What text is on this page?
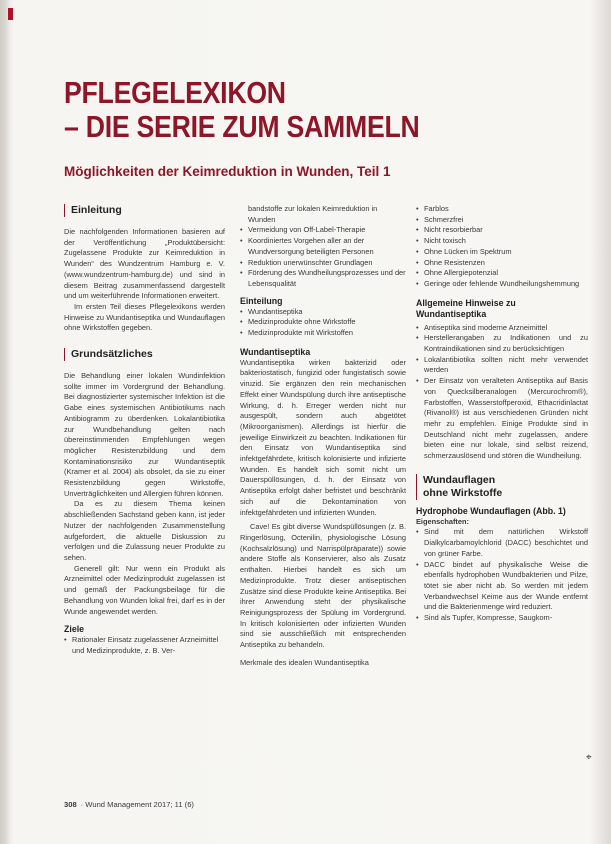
PFLEGELEXIKON
– DIE SERIE ZUM SAMMELN
Möglichkeiten der Keimreduktion in Wunden, Teil 1
Einleitung

Die nachfolgenden Informationen basieren auf der Veröffentlichung „Produktübersicht: Zugelassene Produkte zur Keimreduktion in Wunden“ des Wundzentrum Hamburg e. V. (www.wundzentrum-hamburg.de) und sind in diesem Beitrag zusammenfassend dargestellt und um weiterführende Informationen erweitert.

Im ersten Teil dieses Pflegelexikons werden Hinweise zu Wundantiseptika und Wundauflagen ohne Wirkstoffen gegeben.

Grundsätzliches

Die Behandlung einer lokalen Wundinfektion sollte immer im Vordergrund der Behandlung. Bei diagnostizierter systemischer Infektion ist die Gabe eines systemischen Antibiotikums nach Antibiogramm zu überdenken. Lokalantibiotika zur Wundbehandlung gelten nach übereinstimmenden Empfehlungen wegen möglicher Resistenzbildung und dem Kontaminationsrisiko zur Wundantiseptik (Kramer et al. 2004) als obsolet, da sie zu einer Resistenzbildung gegen Wirkstoffe, Unverträglichkeiten und Allergien führen können.

Da es zu diesem Thema keinen abschließenden Sachstand geben kann, ist jeder Nutzer der nachfolgenden Zusammenstellung aufgefordert, die aktuelle Diskussion zu verfolgen und die Zulassung neuer Produkte zu sehen.

Generell gilt: Nur wenn ein Produkt als Arzneimittel oder Medizinprodukt zugelassen ist und gemäß der Packungsbeilage für die Behandlung von Wunden lokal frei, darf es in der Wunde angewendet werden.

Ziele
• Rationaler Einsatz zugelassener Arzneimittel und Medizinprodukte, z. B. Ver-

bandstoffe zur lokalen Keimreduktion in Wunden

• Vermeidung von Off-Label-Therapie
• Koordiniertes Vorgehen aller an der Wundversorgung beteiligten Personen
• Reduktion unerwünschter Grundlagen
• Förderung des Wundheilungsprozesses und der Lebensqualität
Einteilung
• Wundantiseptika
• Medizinprodukte ohne Wirkstoffe
• Medizinprodukte mit Wirkstoffen
Wundantiseptika

Wundantiseptika wirken bakterizid oder bakteriostatisch, fungizid oder fungistatisch sowie viruzid. Sie ergänzen den rein mechanischen Effekt einer Wundspülung durch ihre antiseptische Wirkung, d. h. Erreger werden nicht nur ausgespült, sondern auch abgetötet (Mikroorganismen). Allerdings ist hierfür die jeweilige Einwirkzeit zu beachten. Indikationen für den Einsatz von Wundantiseptika sind infektgefährdete, kritisch kolonisierte und infizierte Wunden. Es handelt sich somit nicht um Dauerspüllösungen, d. h. der Einsatz von Antiseptika erfolgt daher befristet und beschränkt sich auf die Dekontamination von infektgefährdeten und infizierten Wunden.

Cave! Es gibt diverse Wundspüllösungen (z. B. Ringerlösung, Octenilin, physiologische Lösung (Kochsalzlösung) und Narrispülpräparate)) sowie andere Stoffe als Konservierer, also als Zusatz enthalten. Hierbei handelt es sich um Medizinprodukte. Trotz dieser antiseptischen Zusätze sind diese Produkte keine Antiseptika. Bei ihrer Anwendung steht der physikalische Reinigungsprozess der Spülung im Vordergrund. In kritisch kolonisierten oder infizierten Wunden sind sie ausschließlich mit entsprechenden Antiseptika zu behandeln.

Merkmale des idealen Wundantiseptika

• Farblos
• Schmerzfrei
• Nicht resorbierbar
• Nicht toxisch
• Ohne Lücken im Spektrum
• Ohne Resistenzen
• Ohne Allergiepotenzial
• Geringe oder fehlende Wundheilungshemmung
Allgemeine Hinweise zu Wundantiseptika
• Antiseptika sind moderne Arzneimittel
• Herstellerangaben zu Indikationen und zu Kontraindikationen sind zu berücksichtigen
• Lokalantibiotika sollten nicht mehr verwendet werden
• Der Einsatz von veralteten Antiseptika auf Basis von Quecksilberanalogen (Mercurochrom®), Farbstoffen, Wasserstoffperoxid, Ethacridinlactat (Rivanol®) ist aus verschiedenen Gründen nicht mehr zu empfehlen. Einige Produkte sind in Deutschland nicht mehr zugelassen, andere bieten eine nur lokale, sind selbst reizend, schmerzauslösend und stören die Wundheilung.
Wundauflagen
ohne Wirkstoffe
Hydrophobe Wundauflagen (Abb. 1)

Eigenschaften:

• Sind mit dem natürlichen Wirkstoff Dialkylcarbamoylchlorid (DACC) beschichtet und von grüner Farbe.
• DACC bindet auf physikalische Weise die ebenfalls hydrophoben Wundbakterien und Pilze, tötet sie aber nicht ab. So werden mit jedem Verbandwechsel Keime aus der Wunde entfernt und die Bakterienmenge wird reduziert.
• Sind als Tupfer, Kompresse, Saugkom-
⌖
308 · Wund Management 2017; 11 (6)
